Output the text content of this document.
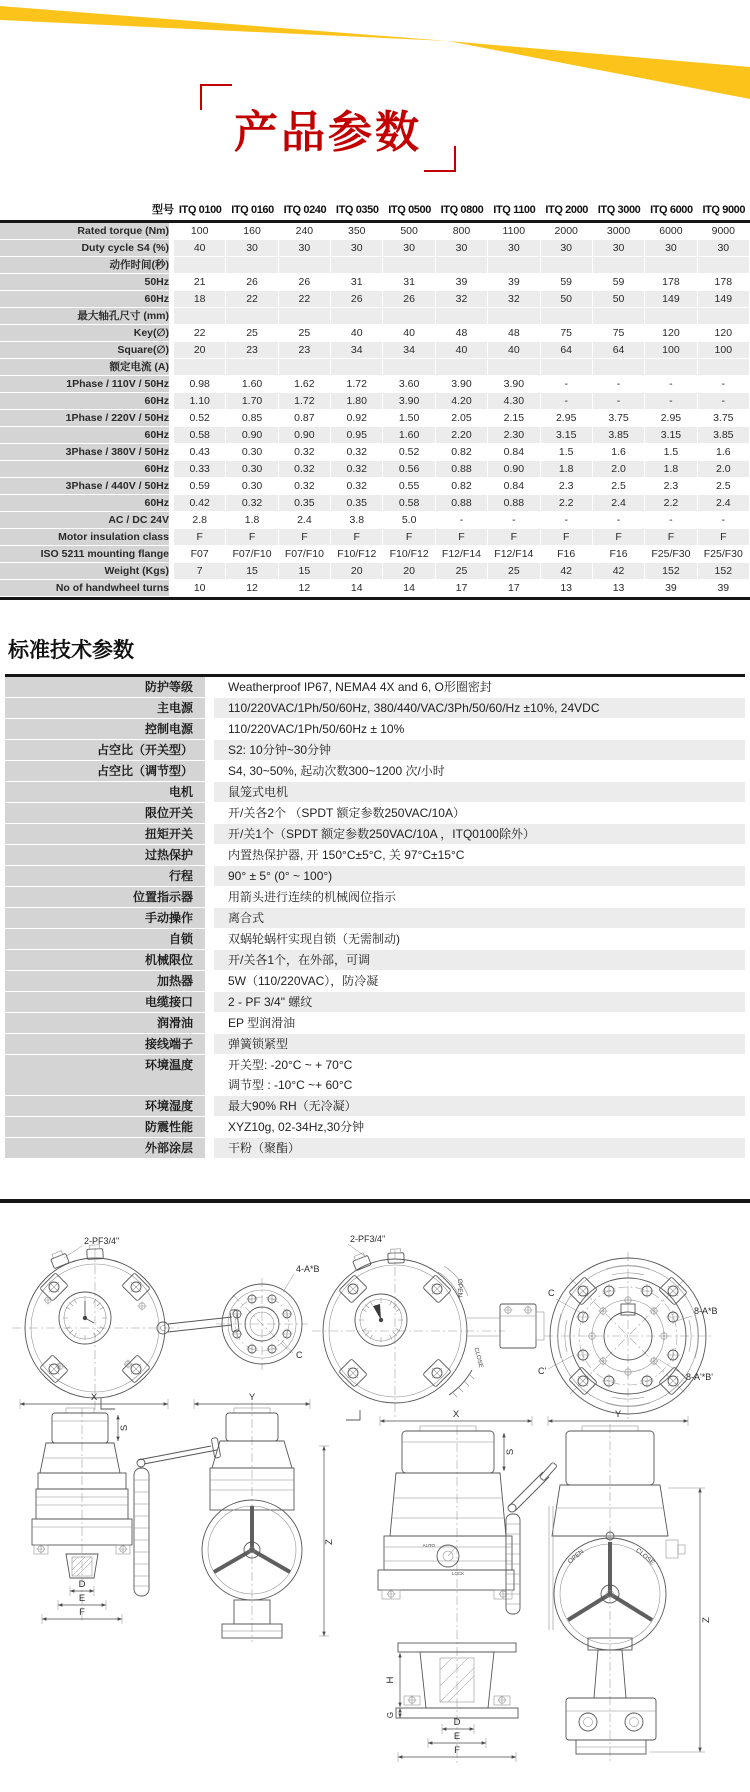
产品参数
型号	ITQ 0100	ITQ 0160	ITQ 0240	ITQ 0350	ITQ 0500	ITQ 0800	ITQ 1100	ITQ 2000	ITQ 3000	ITQ 6000	ITQ 9000
Rated torque (Nm)	100	160	240	350	500	800	1100	2000	3000	6000	9000
Duty cycle S4 (%)	40	30	30	30	30	30	30	30	30	30	30
动作时间(秒)											
50Hz	21	26	26	31	31	39	39	59	59	178	178
60Hz	18	22	22	26	26	32	32	50	50	149	149
最大轴孔尺寸 (mm)											
Key(∅)	22	25	25	40	40	48	48	75	75	120	120
Square(∅)	20	23	23	34	34	40	40	64	64	100	100
额定电流 (A)											
1Phase / 110V / 50Hz	0.98	1.60	1.62	1.72	3.60	3.90	3.90	-	-	-	-
60Hz	1.10	1.70	1.72	1.80	3.90	4.20	4.30	-	-	-	-
1Phase / 220V / 50Hz	0.52	0.85	0.87	0.92	1.50	2.05	2.15	2.95	3.75	2.95	3.75
60Hz	0.58	0.90	0.90	0.95	1.60	2.20	2.30	3.15	3.85	3.15	3.85
3Phase / 380V / 50Hz	0.43	0.30	0.32	0.32	0.52	0.82	0.84	1.5	1.6	1.5	1.6
60Hz	0.33	0.30	0.32	0.32	0.56	0.88	0.90	1.8	2.0	1.8	2.0
3Phase / 440V / 50Hz	0.59	0.30	0.32	0.32	0.55	0.82	0.84	2.3	2.5	2.3	2.5
60Hz	0.42	0.32	0.35	0.35	0.58	0.88	0.88	2.2	2.4	2.2	2.4
AC / DC 24V	2.8	1.8	2.4	3.8	5.0	-	-	-	-	-	-
Motor insulation class	F	F	F	F	F	F	F	F	F	F	F
ISO 5211 mounting flange	F07	F07/F10	F07/F10	F10/F12	F10/F12	F12/F14	F12/F14	F16	F16	F25/F30	F25/F30
Weight (Kgs)	7	15	15	20	20	25	25	42	42	152	152
No of handwheel turns	10	12	12	14	14	17	17	13	13	39	39
标准技术参数
防护等级	Weatherproof IP67, NEMA4 4X and 6, O形圈密封
主电源	110/220VAC/1Ph/50/60Hz, 380/440/VAC/3Ph/50/60/Hz ±10%, 24VDC
控制电源	110/220VAC/1Ph/50/60Hz ± 10%
占空比（开关型）	S2: 10分钟~30分钟
占空比（调节型）	S4, 30~50%, 起动次数300~1200 次/小时
电机	鼠笼式电机
限位开关	开/关各2个 （SPDT 额定参数250VAC/10A）
扭矩开关	开/关1个（SPDT 额定参数250VAC/10A ，ITQ0100除外）
过热保护	内置热保护器, 开 150°C±5°C, 关 97°C±15°C
行程	90° ± 5° (0° ~ 100°)
位置指示器	用箭头进行连续的机械阀位指示
手动操作	离合式
自锁	双蜗轮蜗杆实现自锁（无需制动)
机械限位	开/关各1个，在外部，可调
加热器	5W（110/220VAC），防冷凝
电缆接口	2 - PF 3/4" 螺纹
润滑油	EP 型润滑油
接线端子	弹簧锁紧型
环境温度	开关型: -20°C ~ + 70°C
调节型 : -10°C ~+ 60°C
环境湿度	最大90% RH（无冷凝）
防震性能	XYZ10g, 02-34Hz,30分钟
外部涂层	干粉（聚酯）
2-PF3/4"
4-A*B
C
2-PF3/4"
OPEN
CLOSE
C
C'
8-A*B
8-A'*B'
X
S
D
E
F
Y
Z
X
S
AUTO
LOCK
H
G
D
E
F
Y
OPEN	CLOSE
Z
